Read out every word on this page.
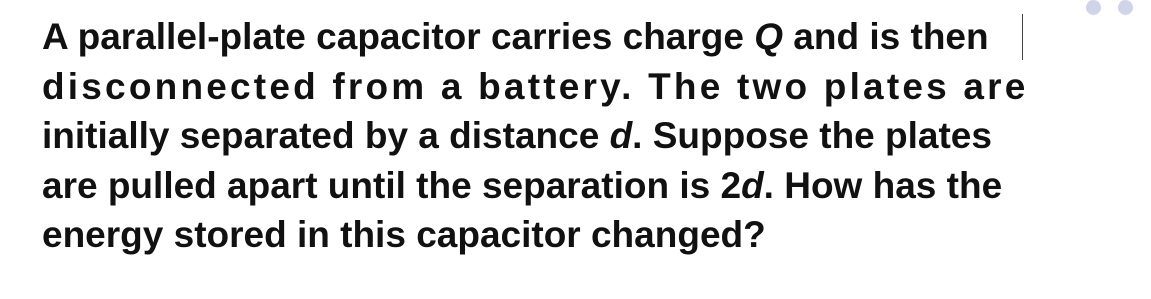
A parallel-plate capacitor carries charge Q and is then
disconnected from a battery. The two plates are
initially separated by a distance d. Suppose the plates
are pulled apart until the separation is 2d. How has the
energy stored in this capacitor changed?
